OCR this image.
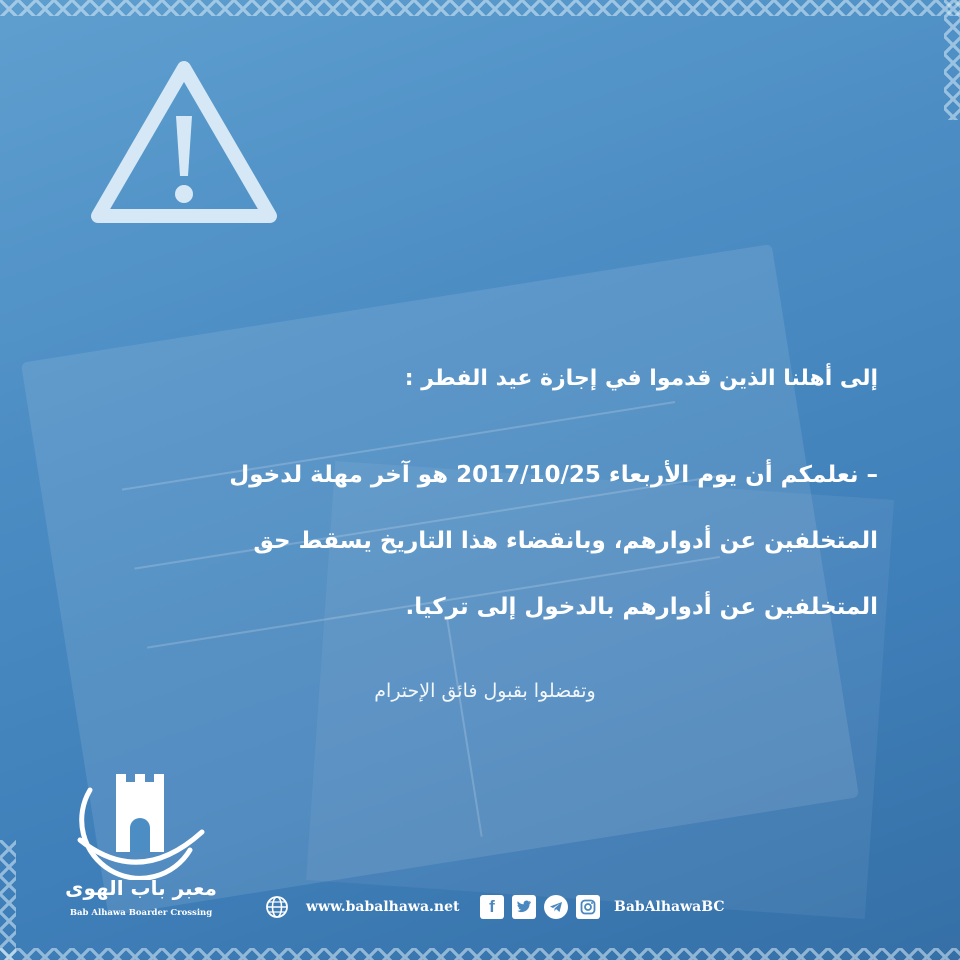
إلى أهلنا الذين قدموا في إجازة عيد الفطر :
– نعلمكم أن يوم الأربعاء 2017/10/25 هو آخر مهلة لدخول
المتخلفين عن أدوارهم، وبانقضاء هذا التاريخ يسقط حق
المتخلفين عن أدوارهم بالدخول إلى تركيا.
وتفضلوا بقبول فائق الإحترام
معبر باب الهوى
Bab Alhawa Boarder Crossing	www.babalhawa.net	f	BabAlhawaBC
